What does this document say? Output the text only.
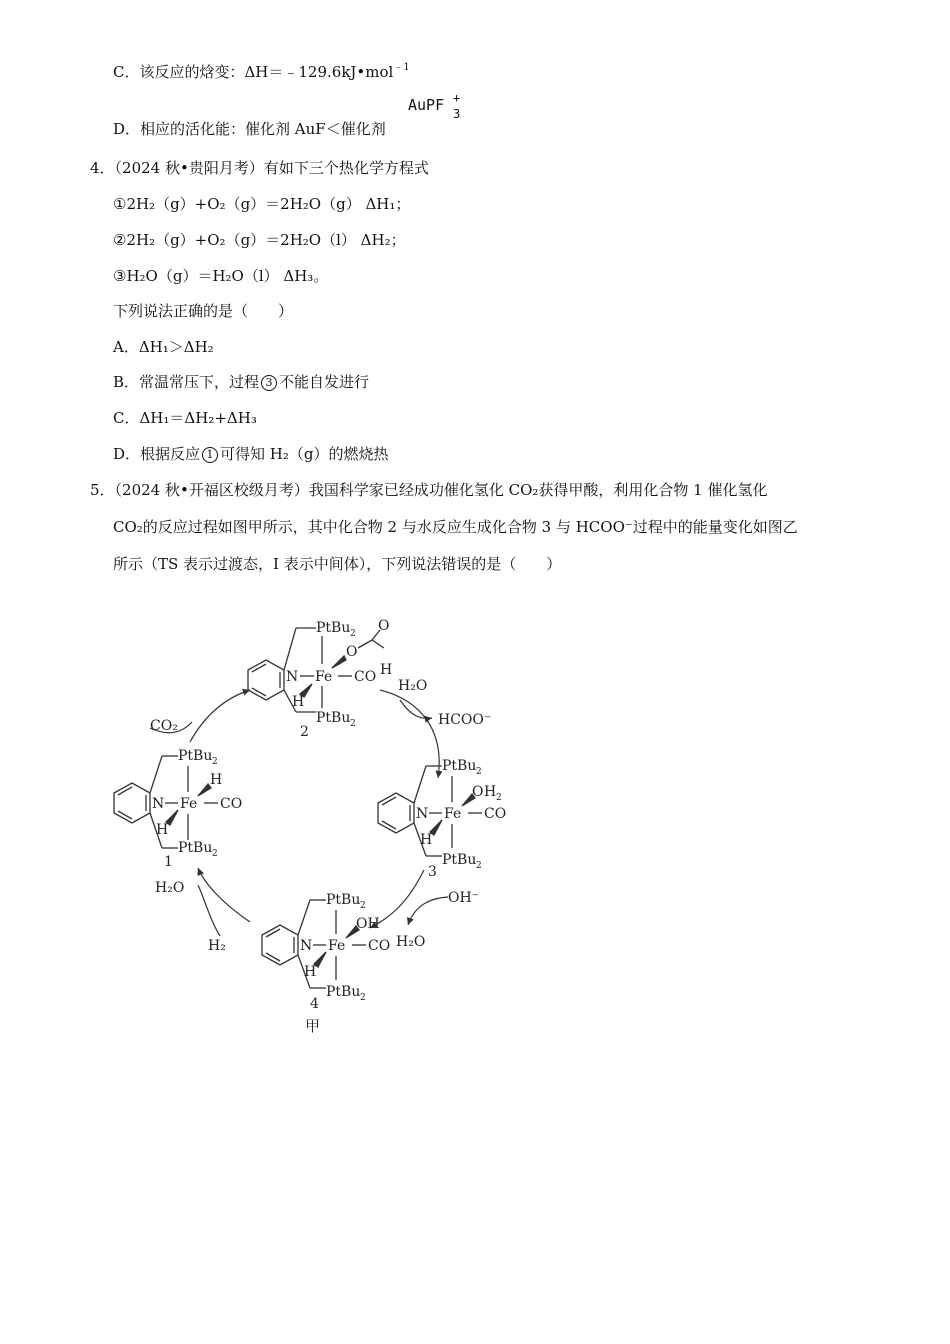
C．该反应的焓变：ΔH＝﹣129.6kJ•mol$^{﹣1}$
D．相应的活化能：催化剂 AuF＜催化剂
AuPF +
3
4．（2024 秋•贵阳月考）有如下三个热化学方程式
①2H₂（g）+O₂（g）＝2H₂O（g） ΔH₁；
②2H₂（g）+O₂（g）＝2H₂O（l） ΔH₂；
③H₂O（g）＝H₂O（l） ΔH₃。
下列说法正确的是（　　）
A．ΔH₁＞ΔH₂
B．常温常压下，过程 3 不能自发进行
C．ΔH₁＝ΔH₂+ΔH₃
D．根据反应 1 可得知 H₂（g）的燃烧热
5．（2024 秋•开福区校级月考）我国科学家已经成功催化氢化 CO₂获得甲酸，利用化合物 1 催化氢化
CO₂的反应过程如图甲所示，其中化合物 2 与水反应生成化合物 3 与 HCOO⁻过程中的能量变化如图乙
所示（TS 表示过渡态，I 表示中间体），下列说法错误的是（　　）
PtBu 2
N Fe CO H
O
O
H
PtBu 2
2
PtBu 2
N Fe CO
H
H
PtBu 2
1
PtBu 2
N Fe CO
O H 2
H
PtBu 2
3
PtBu 2
N Fe CO
OH
H
PtBu 2
4
CO₂
H₂O
HCOO⁻
OH⁻
H₂O
H₂O
H₂
甲
